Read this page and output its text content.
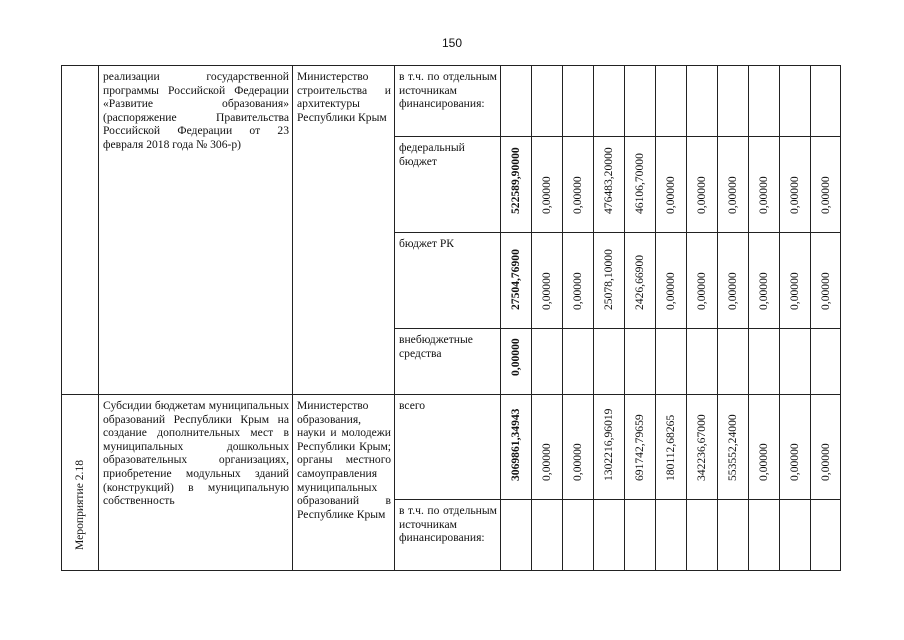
150
	реализации государственной программы Российской Федерации «Развитие образования» (распоряжение Правительства Российской Федерации от 23 февраля 2018 года № 306-р)	Министерство строительства и архитектуры Республики Крым	в т.ч. по отдельным источникам финансирования:											
			федеральный бюджет	522589,90000	0,00000	0,00000	476483,20000	46106,70000	0,00000	0,00000	0,00000	0,00000	0,00000	0,00000

			бюджет РК	27504,76900	0,00000	0,00000	25078,10000	2426,66900	0,00000	0,00000	0,00000	0,00000	0,00000	0,00000

			внебюджетные средства	0,00000										

Мероприятие 2.18	Субсидии бюджетам муниципальных образований Республики Крым на создание дополнительных мест в муниципальных дошкольных образовательных организациях, приобретение модульных зданий (конструкций) в муниципальную собственность	Министерство образования, науки и молодежи Республики Крым; органы местного самоуправления муниципальных образований в Республике Крым	всего	3069861,34943	0,00000	0,00000	1302216,96019	691742,79659	180112,68265	342236,67000	553552,24000	0,00000	0,00000	0,00000

			в т.ч. по отдельным источникам финансирования:											
